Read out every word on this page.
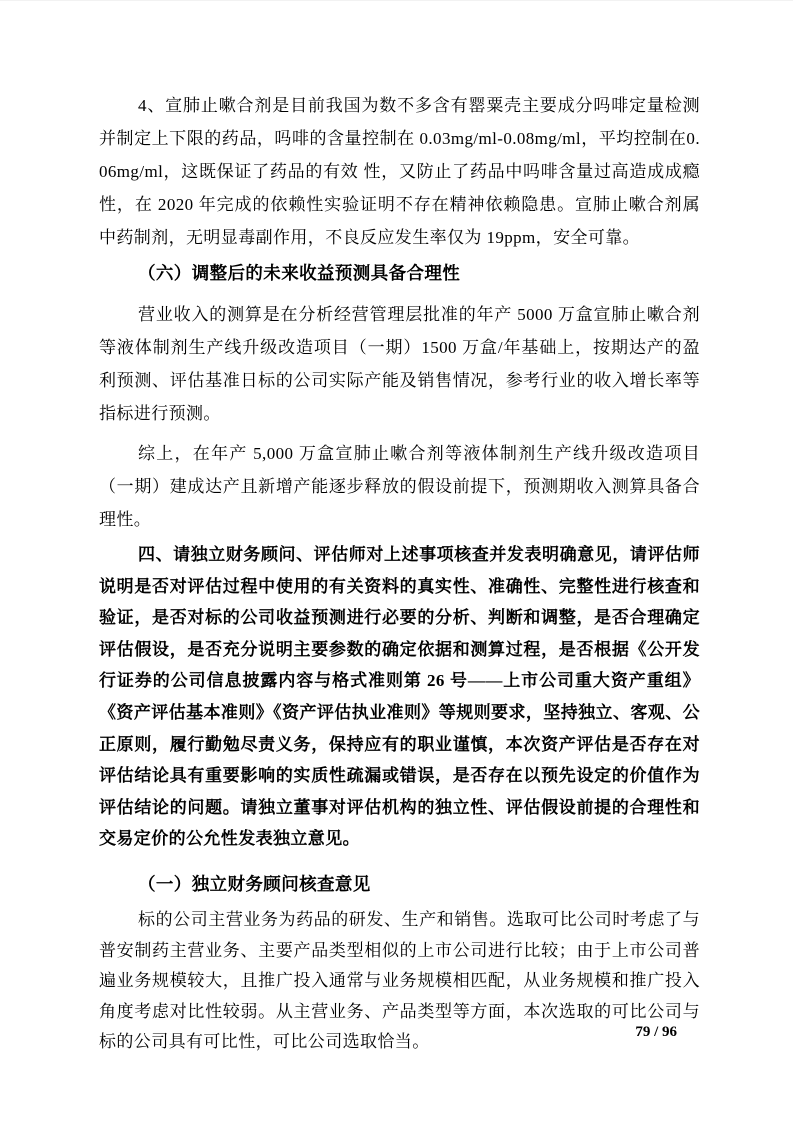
4、宣肺止嗽合剂是目前我国为数不多含有罂粟壳主要成分吗啡定量检测并制定上下限的药品，吗啡的含量控制在 0.03mg/ml-0.08mg/ml，平均控制在0.06mg/ml，这既保证了药品的有效 性，又防止了药品中吗啡含量过高造成成瘾性，在 2020 年完成的依赖性实验证明不存在精神依赖隐患。宣肺止嗽合剂属中药制剂，无明显毒副作用，不良反应发生率仅为 19ppm，安全可靠。

（六）调整后的未来收益预测具备合理性

营业收入的测算是在分析经营管理层批准的年产 5000 万盒宣肺止嗽合剂等液体制剂生产线升级改造项目（一期）1500 万盒/年基础上，按期达产的盈利预测、评估基准日标的公司实际产能及销售情况，参考行业的收入增长率等指标进行预测。

综上，在年产 5,000 万盒宣肺止嗽合剂等液体制剂生产线升级改造项目（一期）建成达产且新增产能逐步释放的假设前提下，预测期收入测算具备合理性。

四、请独立财务顾问、评估师对上述事项核查并发表明确意见，请评估师说明是否对评估过程中使用的有关资料的真实性、准确性、完整性进行核查和验证，是否对标的公司收益预测进行必要的分析、判断和调整，是否合理确定评估假设，是否充分说明主要参数的确定依据和测算过程，是否根据《公开发行证券的公司信息披露内容与格式准则第 26 号——上市公司重大资产重组》《资产评估基本准则》《资产评估执业准则》等规则要求，坚持独立、客观、公正原则，履行勤勉尽责义务，保持应有的职业谨慎，本次资产评估是否存在对评估结论具有重要影响的实质性疏漏或错误，是否存在以预先设定的价值作为评估结论的问题。请独立董事对评估机构的独立性、评估假设前提的合理性和交易定价的公允性发表独立意见。

（一）独立财务顾问核查意见

标的公司主营业务为药品的研发、生产和销售。选取可比公司时考虑了与普安制药主营业务、主要产品类型相似的上市公司进行比较；由于上市公司普遍业务规模较大，且推广投入通常与业务规模相匹配，从业务规模和推广投入角度考虑对比性较弱。从主营业务、产品类型等方面，本次选取的可比公司与标的公司具有可比性，可比公司选取恰当。

79 / 96
